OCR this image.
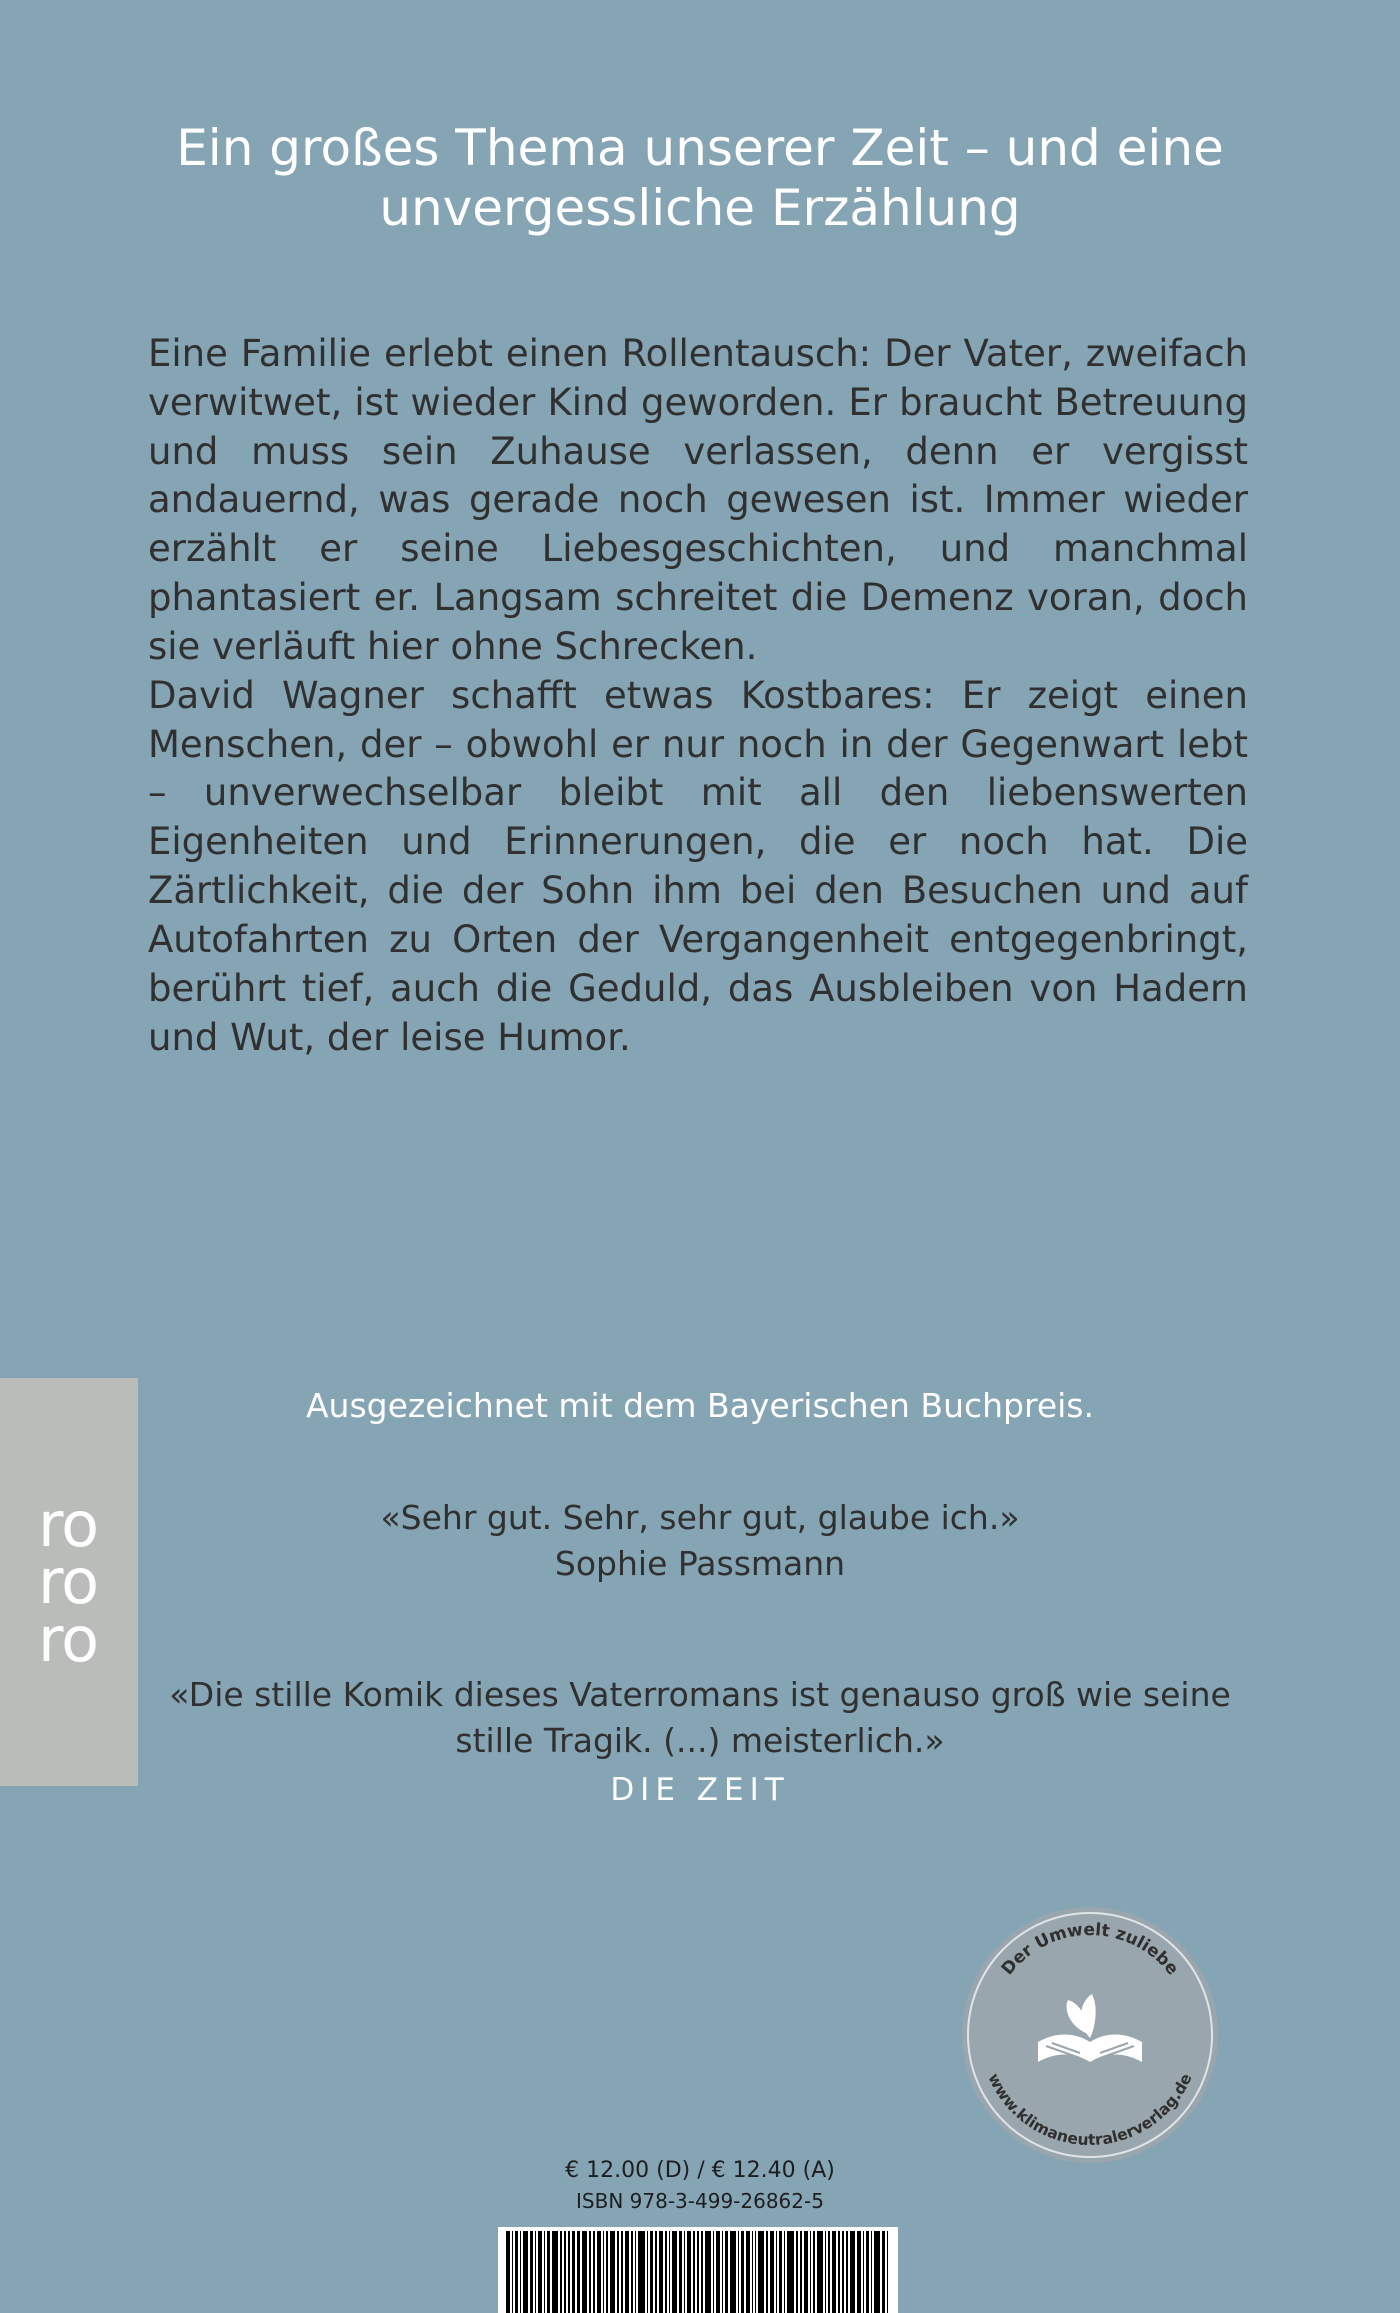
ro
ro
ro
Ein großes Thema unserer Zeit – und eine unvergessliche Erzählung

Eine Familie erlebt einen Rollentausch: Der Vater, zweifach verwitwet, ist wieder Kind geworden. Er braucht Betreuung und muss sein Zuhause verlassen, denn er vergisst andauernd, was gerade noch gewesen ist. Immer wieder erzählt er seine Liebesgeschichten, und manchmal phantasiert er. Langsam schreitet die Demenz voran, doch sie verläuft hier ohne Schrecken.

David Wagner schafft etwas Kostbares: Er zeigt einen Menschen, der – obwohl er nur noch in der Gegenwart lebt – unverwechselbar bleibt mit all den liebenswerten Eigenheiten und Erinnerungen, die er noch hat. Die Zärtlichkeit, die der Sohn ihm bei den Besuchen und auf Autofahrten zu Orten der Vergangenheit entgegenbringt, berührt tief, auch die Geduld, das Ausbleiben von Hadern und Wut, der leise Humor.

Ausgezeichnet mit dem Bayerischen Buchpreis.
«Sehr gut. Sehr, sehr gut, glaube ich.»
Sophie Passmann
«Die stille Komik dieses Vaterromans ist genauso groß wie seine stille Tragik. (...) meisterlich.»
DIE ZEIT
Der Umwelt zuliebe
www.klimaneutralerverlag.de
€ 12.00 (D) / € 12.40 (A)
ISBN 978-3-499-26862-5
